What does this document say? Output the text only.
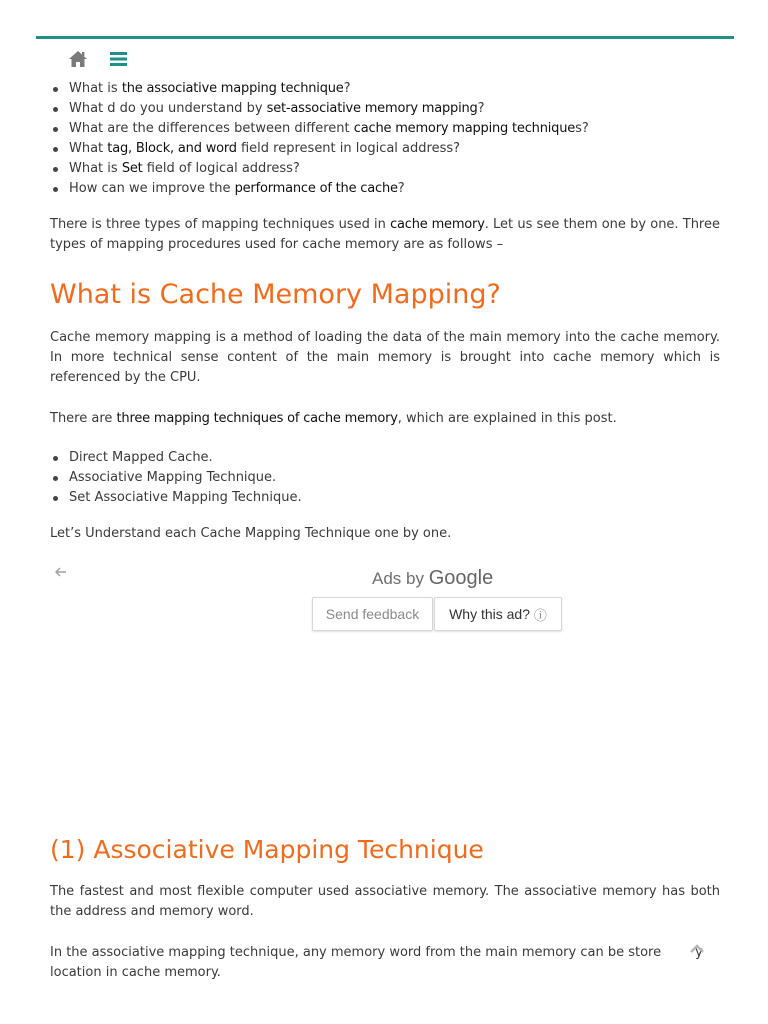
What is the associative mapping technique?
What d do you understand by set-associative memory mapping?
What are the differences between different cache memory mapping techniques?
What tag, Block, and word field represent in logical address?
What is Set field of logical address?
How can we improve the performance of the cache?

There is three types of mapping techniques used in cache memory. Let us see them one by one. Three types of mapping procedures used for cache memory are as follows –

What is Cache Memory Mapping?

Cache memory mapping is a method of loading the data of the main memory into the cache memory. In more technical sense content of the main memory is brought into cache memory which is referenced by the CPU.

There are three mapping techniques of cache memory, which are explained in this post.

Direct Mapped Cache.
Associative Mapping Technique.
Set Associative Mapping Technique.

Let’s Understand each Cache Mapping Technique one by one.

(1) Associative Mapping Technique

The fastest and most flexible computer used associative memory. The associative memory has both the address and memory word.

In the associative mapping technique, any memory word from the main memory can be store	y
location in cache memory.

Ads by Google
Send feedback	Why this ad?
ⓘ
